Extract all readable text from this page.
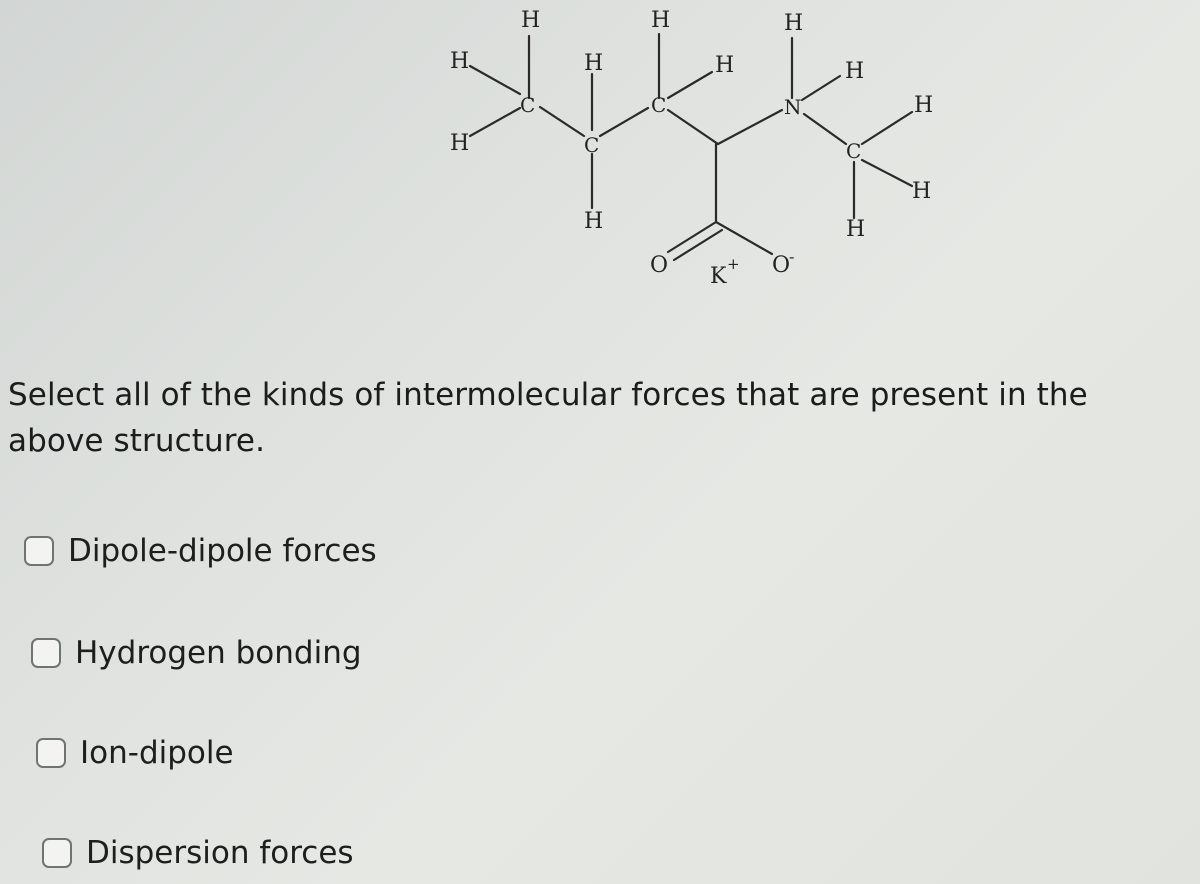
H
H
H
C
H
C
H
H
C
H
H
N
H
C
H
H
H
O K + O
-
Select all of the kinds of intermolecular forces that are present in the above structure.
Dipole-dipole forces
Hydrogen bonding
Ion-dipole
Dispersion forces
